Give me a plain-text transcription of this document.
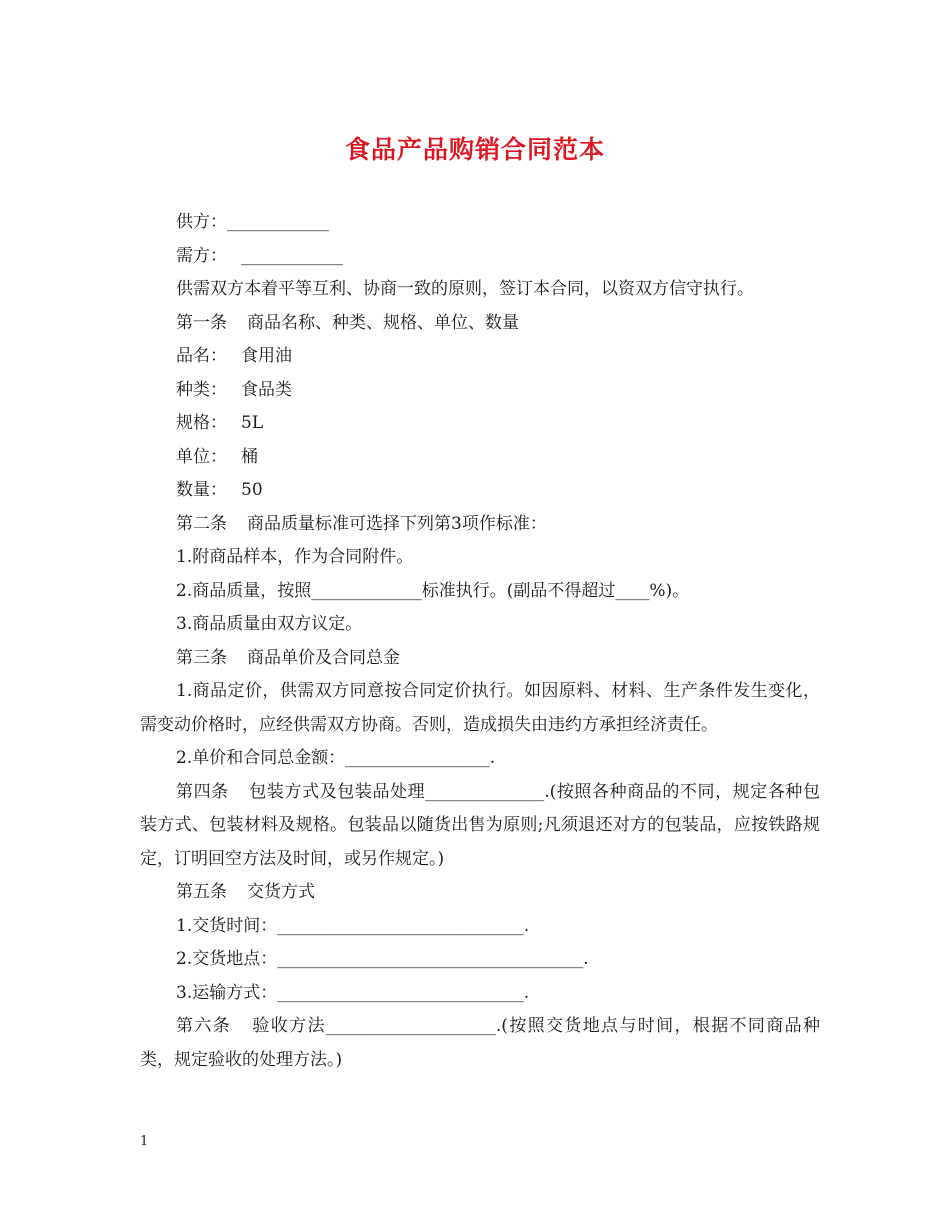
食品产品购销合同范本

供方：____________

需方： ____________

供需双方本着平等互利、协商一致的原则，签订本合同，以资双方信守执行。

第一条 商品名称、种类、规格、单位、数量

品名： 食用油

种类： 食品类

规格： 5L

单位： 桶

数量： 50

第二条 商品质量标准可选择下列第3项作标准：

1.附商品样本，作为合同附件。

2.商品质量，按照_____________标准执行。(副品不得超过____%)。

3.商品质量由双方议定。

第三条 商品单价及合同总金

1.商品定价，供需双方同意按合同定价执行。如因原料、材料、生产条件发生变化，需变动价格时，应经供需双方协商。否则，造成损失由违约方承担经济责任。

2.单价和合同总金额：_________________.

第四条 包装方式及包装品处理______________.(按照各种商品的不同，规定各种包装方式、包装材料及规格。包装品以随货出售为原则;凡须退还对方的包装品，应按铁路规定，订明回空方法及时间，或另作规定。)

第五条 交货方式

1.交货时间：_____________________________.

2.交货地点：____________________________________.

3.运输方式：_____________________________.

第六条 验收方法____________________.(按照交货地点与时间，根据不同商品种类，规定验收的处理方法。)

1
